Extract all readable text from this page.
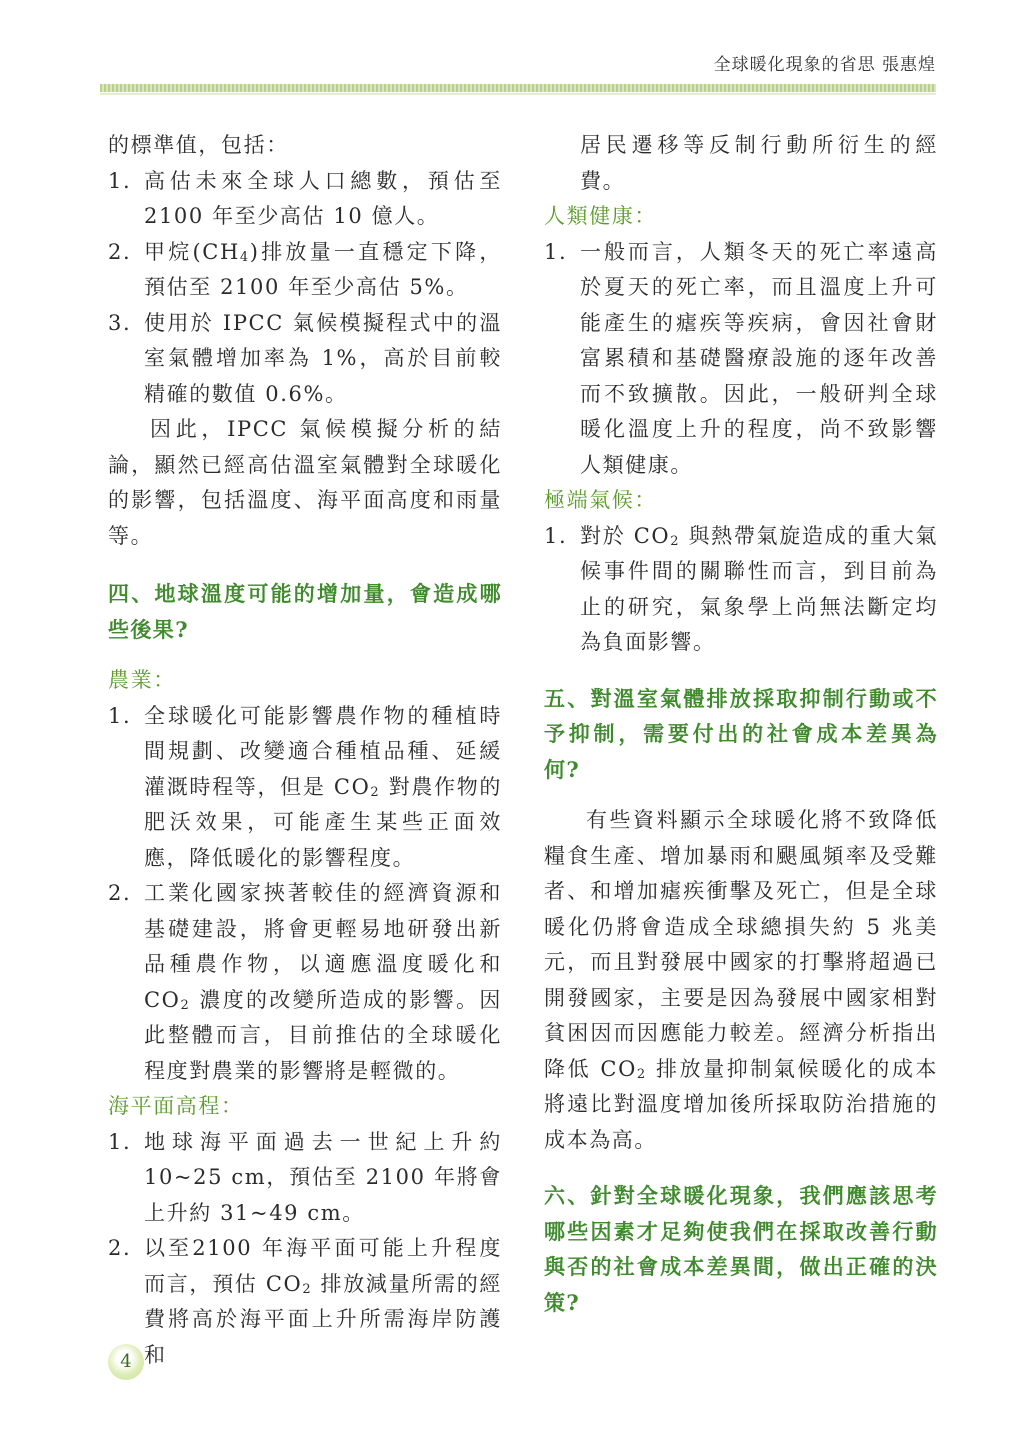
全球暖化現象的省思 張惠煌

的標準值，包括：

1. 高估未來全球人口總數，預估至2100 年至少高估 10 億人。
2. 甲烷$(CH_4)$排放量一直穩定下降，預估至 2100 年至少高估 5%。
3. 使用於 IPCC 氣候模擬程式中的溫室氣體增加率為 1%，高於目前較精確的數值 0.6%。

因此，IPCC 氣候模擬分析的結論，顯然已經高估溫室氣體對全球暖化的影響，包括溫度、海平面高度和雨量等。

四、地球溫度可能的增加量，會造成哪些後果?

農業：

1. 全球暖化可能影響農作物的種植時間規劃、改變適合種植品種、延緩灌溉時程等，但是 $CO_2$ 對農作物的肥沃效果，可能產生某些正面效應，降低暖化的影響程度。
2. 工業化國家挾著較佳的經濟資源和基礎建設，將會更輕易地研發出新品種農作物，以適應溫度暖化和 $CO_2$ 濃度的改變所造成的影響。因此整體而言，目前推估的全球暖化程度對農業的影響將是輕微的。

海平面高程：

1. 地球海平面過去一世紀上升約10~25 cm，預估至 2100 年將會上升約 31~49 cm。
2. 以至2100 年海平面可能上升程度而言，預估 $CO_2$ 排放減量所需的經費將高於海平面上升所需海岸防護和

居民遷移等反制行動所衍生的經費。

人類健康：

1. 一般而言，人類冬天的死亡率遠高於夏天的死亡率，而且溫度上升可能產生的瘧疾等疾病，會因社會財富累積和基礎醫療設施的逐年改善而不致擴散。因此，一般研判全球暖化溫度上升的程度，尚不致影響人類健康。

極端氣候：

1. 對於 $CO_2$ 與熱帶氣旋造成的重大氣候事件間的關聯性而言，到目前為止的研究，氣象學上尚無法斷定均為負面影響。

五、對溫室氣體排放採取抑制行動或不予抑制，需要付出的社會成本差異為何?

有些資料顯示全球暖化將不致降低糧食生產、增加暴雨和颶風頻率及受難者、和增加瘧疾衝擊及死亡，但是全球暖化仍將會造成全球總損失約 5 兆美元，而且對發展中國家的打擊將超過已開發國家，主要是因為發展中國家相對貧困因而因應能力較差。經濟分析指出降低 $CO_2$ 排放量抑制氣候暖化的成本將遠比對溫度增加後所採取防治措施的成本為高。

六、針對全球暖化現象，我們應該思考哪些因素才足夠使我們在採取改善行動與否的社會成本差異間，做出正確的決策?

4
